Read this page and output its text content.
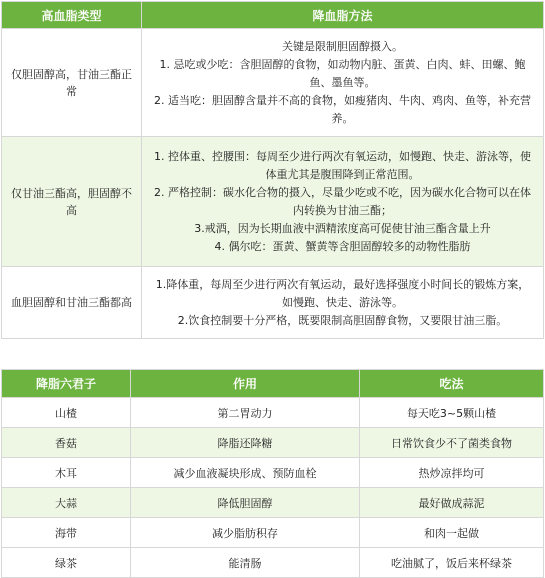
高血脂类型	降血脂方法
仅胆固醇高，甘油三酯正常	关键是限制胆固醇摄入。
1. 忌吃或少吃：含胆固醇的食物，如动物内脏、蛋黄、白肉、蚌、田螺、鲍鱼、墨鱼等。
2. 适当吃：胆固醇含量并不高的食物，如瘦猪肉、牛肉、鸡肉、鱼等，补充营养。

仅甘油三酯高，胆固醇不高	1. 控体重、控腰围：每周至少进行两次有氧运动，如慢跑、快走、游泳等，使体重尤其是腹围降到正常范围。
2. 严格控制：碳水化合物的摄入，尽量少吃或不吃，因为碳水化合物可以在体内转换为甘油三酯；
3.戒酒，因为长期血液中酒精浓度高可促使甘油三酯含量上升
4. 偶尔吃：蛋黄、蟹黄等含胆固醇较多的动物性脂肪

血胆固醇和甘油三酯都高	1.降体重，每周至少进行两次有氧运动，最好选择强度小时间长的锻炼方案，如慢跑、快走、游泳等。
2.饮食控制要十分严格，既要限制高胆固醇食物，又要限甘油三脂。
降脂六君子	作用	吃法
山楂	第二胃动力	每天吃3~5颗山楂
香菇	降脂还降糖	日常饮食少不了菌类食物
木耳	减少血液凝块形成、预防血栓	热炒凉拌均可
大蒜	降低胆固醇	最好做成蒜泥
海带	减少脂肪积存	和肉一起做
绿茶	能清肠	吃油腻了，饭后来杯绿茶
